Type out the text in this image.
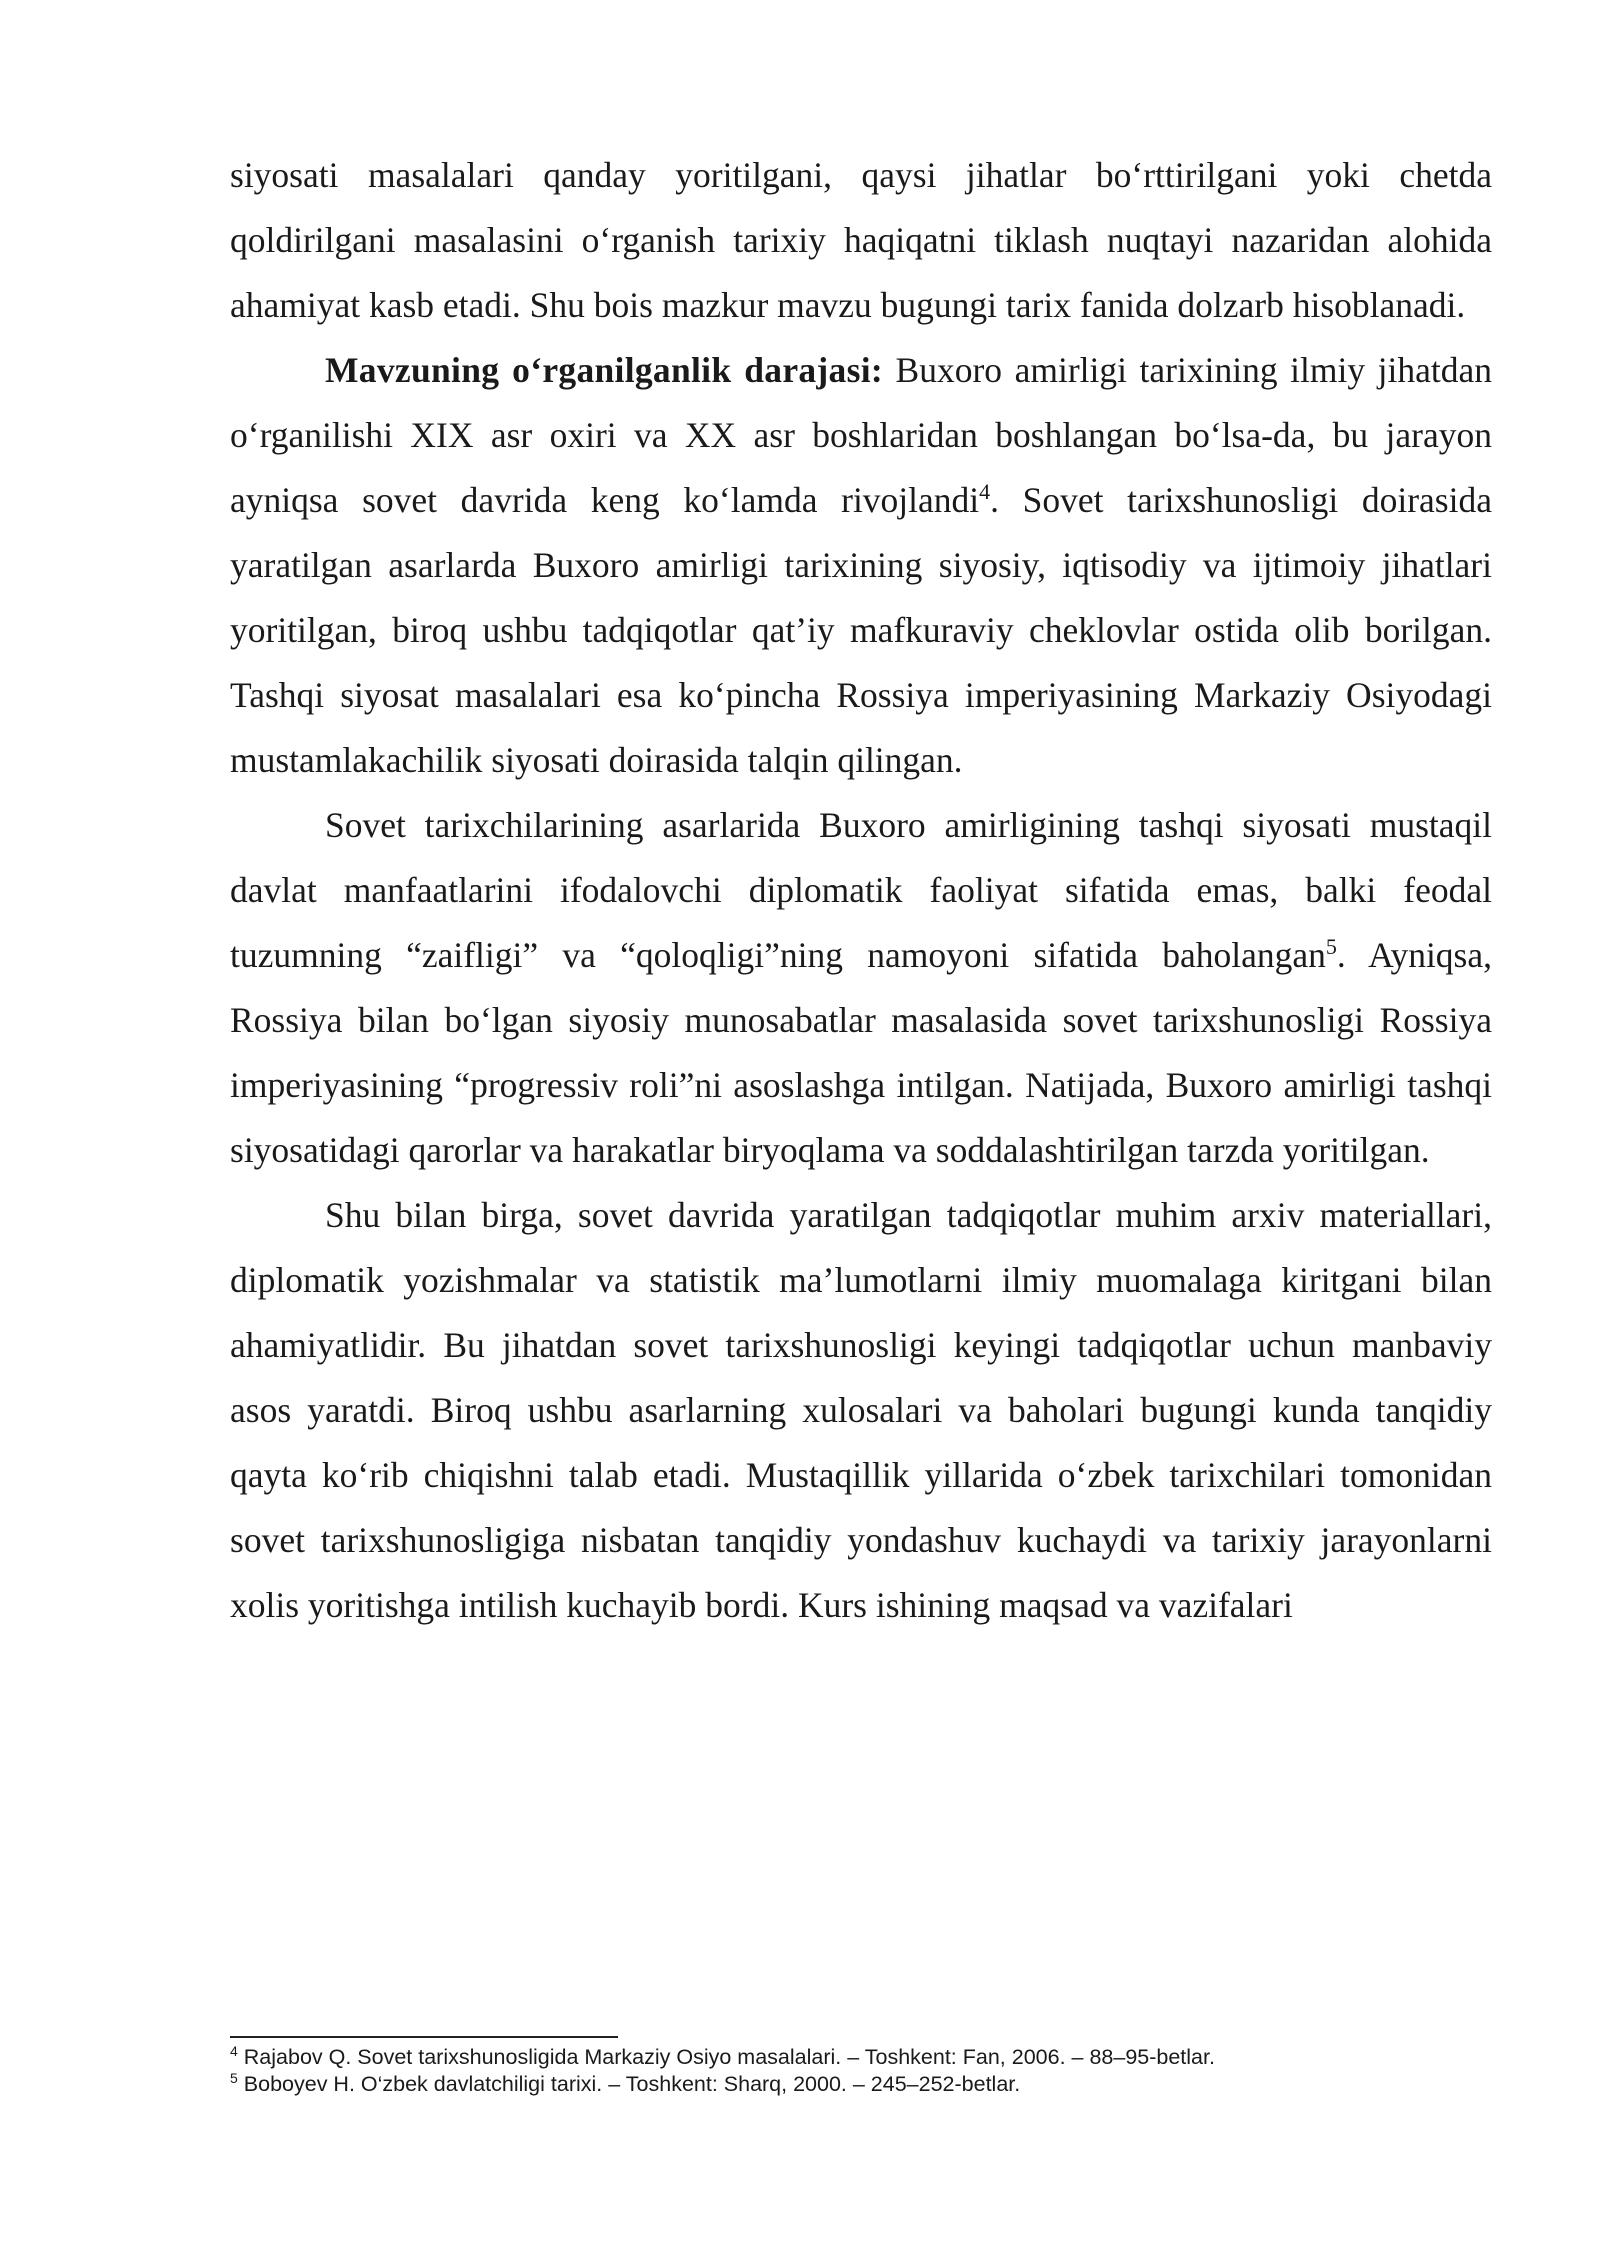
siyosati masalalari qanday yoritilgani, qaysi jihatlar bo‘rttirilgani yoki chetda qoldirilgani masalasini o‘rganish tarixiy haqiqatni tiklash nuqtayi nazaridan alohida ahamiyat kasb etadi. Shu bois mazkur mavzu bugungi tarix fanida dolzarb hisoblanadi.

Mavzuning o‘rganilganlik darajasi: Buxoro amirligi tarixining ilmiy jihatdan o‘rganilishi XIX asr oxiri va XX asr boshlaridan boshlangan bo‘lsa-da, bu jarayon ayniqsa sovet davrida keng ko‘lamda rivojlandi$^4$. Sovet tarixshunosligi doirasida yaratilgan asarlarda Buxoro amirligi tarixining siyosiy, iqtisodiy va ijtimoiy jihatlari yoritilgan, biroq ushbu tadqiqotlar qat’iy mafkuraviy cheklovlar ostida olib borilgan. Tashqi siyosat masalalari esa ko‘pincha Rossiya imperiyasining Markaziy Osiyodagi mustamlakachilik siyosati doirasida talqin qilingan.

Sovet tarixchilarining asarlarida Buxoro amirligining tashqi siyosati mustaqil davlat manfaatlarini ifodalovchi diplomatik faoliyat sifatida emas, balki feodal tuzumning “zaifligi” va “qoloqligi”ning namoyoni sifatida baholangan$^5$. Ayniqsa, Rossiya bilan bo‘lgan siyosiy munosabatlar masalasida sovet tarixshunosligi Rossiya imperiyasining “progressiv roli”ni asoslashga intilgan. Natijada, Buxoro amirligi tashqi siyosatidagi qarorlar va harakatlar biryoqlama va soddalashtirilgan tarzda yoritilgan.

Shu bilan birga, sovet davrida yaratilgan tadqiqotlar muhim arxiv materiallari, diplomatik yozishmalar va statistik ma’lumotlarni ilmiy muomalaga kiritgani bilan ahamiyatlidir. Bu jihatdan sovet tarixshunosligi keyingi tadqiqotlar uchun manbaviy asos yaratdi. Biroq ushbu asarlarning xulosalari va baholari bugungi kunda tanqidiy qayta ko‘rib chiqishni talab etadi. Mustaqillik yillarida o‘zbek tarixchilari tomonidan sovet tarixshunosligiga nisbatan tanqidiy yondashuv kuchaydi va tarixiy jarayonlarni xolis yoritishga intilish kuchayib bordi. Kurs ishining maqsad va vazifalari

$^4$ Rajabov Q. Sovet tarixshunosligida Markaziy Osiyo masalalari. – Toshkent: Fan, 2006. – 88–95-betlar.

$^5$ Boboyev H. O‘zbek davlatchiligi tarixi. – Toshkent: Sharq, 2000. – 245–252-betlar.
